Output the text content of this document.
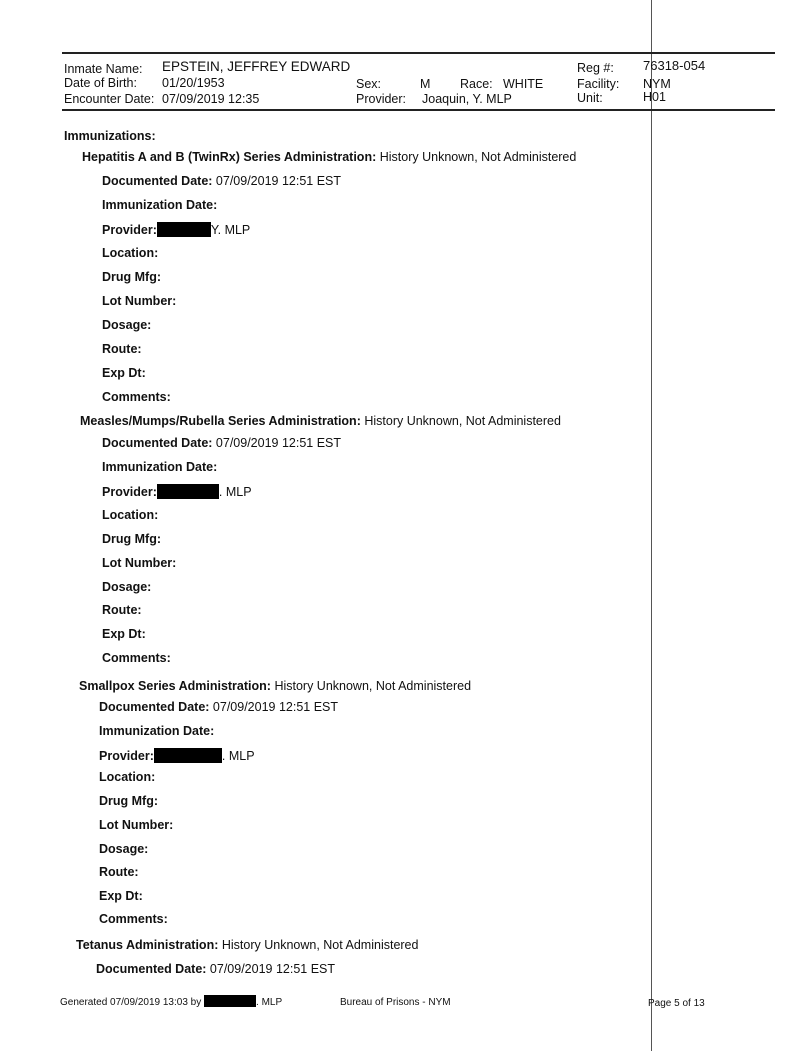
Inmate Name: EPSTEIN, JEFFREY EDWARD
Date of Birth: 01/20/1953
Encounter Date: 07/09/2019 12:35
Sex:	M Race: WHITE
Provider: Joaquin, Y. MLP
Reg #: 76318-054
Facility: NYM
Unit:	H01
Immunizations:
Hepatitis A and B (TwinRx) Series Administration: History Unknown, Not Administered
Documented Date: 07/09/2019 12:51 EST
Immunization Date:
Provider:	Y. MLP
Location:
Drug Mfg:
Lot Number:
Dosage:
Route:
Exp Dt:
Comments:
Measles/Mumps/Rubella Series Administration: History Unknown, Not Administered
Documented Date: 07/09/2019 12:51 EST
Immunization Date:
Provider:	. MLP
Location:
Drug Mfg:
Lot Number:
Dosage:
Route:
Exp Dt:
Comments:
Smallpox Series Administration: History Unknown, Not Administered
Documented Date: 07/09/2019 12:51 EST
Immunization Date:
Provider:	. MLP
Location:
Drug Mfg:
Lot Number:
Dosage:
Route:
Exp Dt:
Comments:
Tetanus Administration: History Unknown, Not Administered
Documented Date: 07/09/2019 12:51 EST
Generated 07/09/2019 13:03 by	. MLP	Bureau of Prisons - NYM	Page 5 of 13
